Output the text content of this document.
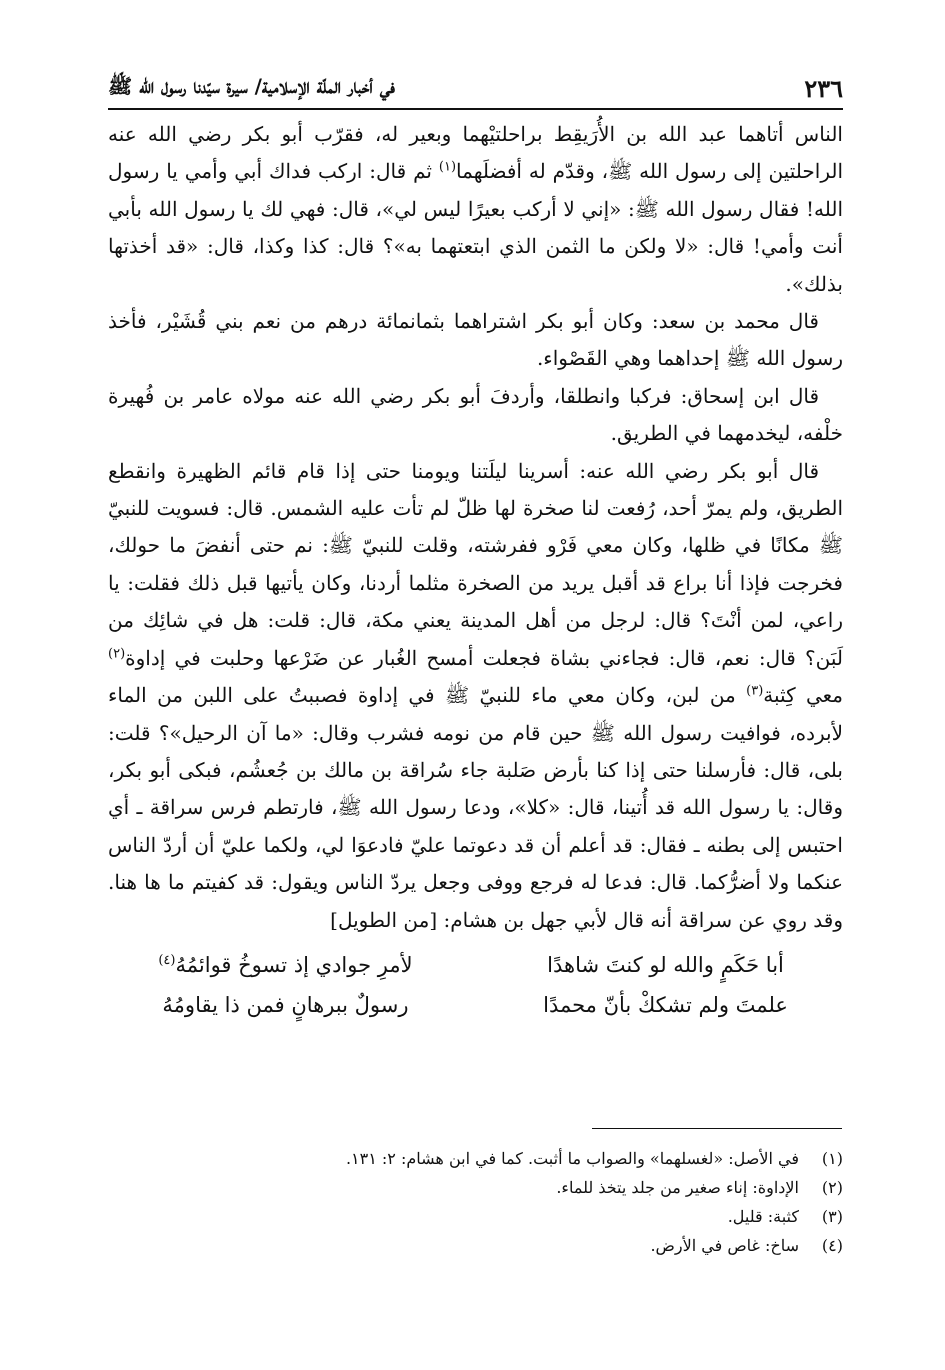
٢٣٦
في أخبار الملّة الإسلامية/ سيرة سيّدنا رسول الله ﷺ

الناس أتاهما عبد الله بن الأُرَيقِط براحلتيْهما وبعير له، فقرّب أبو بكر رضي الله عنه الراحلتين إلى رسول الله ﷺ، وقدّم له أفضلَهما$^{(١)}$ ثم قال: اركب فداك أبي وأمي يا رسول الله! فقال رسول الله ﷺ: «إني لا أركب بعيرًا ليس لي»، قال: فهي لك يا رسول الله بأبي أنت وأمي! قال: «لا ولكن ما الثمن الذي ابتعتهما به»؟ قال: كذا وكذا، قال: «قد أخذتها بذلك».

قال محمد بن سعد: وكان أبو بكر اشتراهما بثمانمائة درهم من نعم بني قُشَيْر، فأخذ رسول الله ﷺ إحداهما وهي القَصْواء.

قال ابن إسحاق: فركبا وانطلقا، وأردفَ أبو بكر رضي الله عنه مولاه عامر بن فُهيرة خلْفه، ليخدمهما في الطريق.

قال أبو بكر رضي الله عنه: أسرينا ليلَتنا ويومنا حتى إذا قام قائم الظهيرة وانقطع الطريق، ولم يمرّ أحد، رُفعت لنا صخرة لها ظلّ لم تأت عليه الشمس. قال: فسويت للنبيّ ﷺ مكانًا في ظلها، وكان معي فَرْو ففرشته، وقلت للنبيّ ﷺ: نم حتى أنفضَ ما حولك، فخرجت فإذا أنا براع قد أقبل يريد من الصخرة مثلما أردنا، وكان يأتيها قبل ذلك فقلت: يا راعي، لمن أنْتَ؟ قال: لرجل من أهل المدينة يعني مكة، قال: قلت: هل في شائِك من لَبَن؟ قال: نعم، قال: فجاءني بشاة فجعلت أمسح الغُبار عن ضَرْعها وحلبت في إداوة$^{(٢)}$ معي كِثبة$^{(٣)}$ من لبن، وكان معي ماء للنبيّ ﷺ في إداوة فصببتُ على اللبن من الماء لأبرده، فوافيت رسول الله ﷺ حين قام من نومه فشرب وقال: «ما آن الرحيل»؟ قلت: بلى، قال: فأرسلنا حتى إذا كنا بأرض صَلبة جاء سُراقة بن مالك بن جُعشُم، فبكى أبو بكر، وقال: يا رسول الله قد أُتينا، قال: «كلا»، ودعا رسول الله ﷺ، فارتطم فرس سراقة ـ أي احتبس إلى بطنه ـ فقال: قد أعلم أن قد دعوتما عليّ فادعوَا لي، ولكما عليّ أن أردّ الناس عنكما ولا أضرُّكما. قال: فدعا له فرجع ووفى وجعل يردّ الناس ويقول: قد كفيتم ما ها هنا. وقد روي عن سراقة أنه قال لأبي جهل بن هشام: [من الطويل]

أبا حَكَمٍ والله لو كنتَ شاهدًا
لأمرِ جوادي إذ تسوخُ قوائمُهُ$^{(٤)}$
علمتَ ولم تشككْ بأنّ محمدًا
رسولٌ ببرهانٍ فمن ذا يقاومُهُ
(١)
في الأصل: «لغسلهما» والصواب ما أثبت. كما في ابن هشام: ٢: ١٣١.
(٢)
الإداوة: إناء صغير من جلد يتخذ للماء.
(٣)
كثبة: قليل.
(٤)
ساخ: غاص في الأرض.
